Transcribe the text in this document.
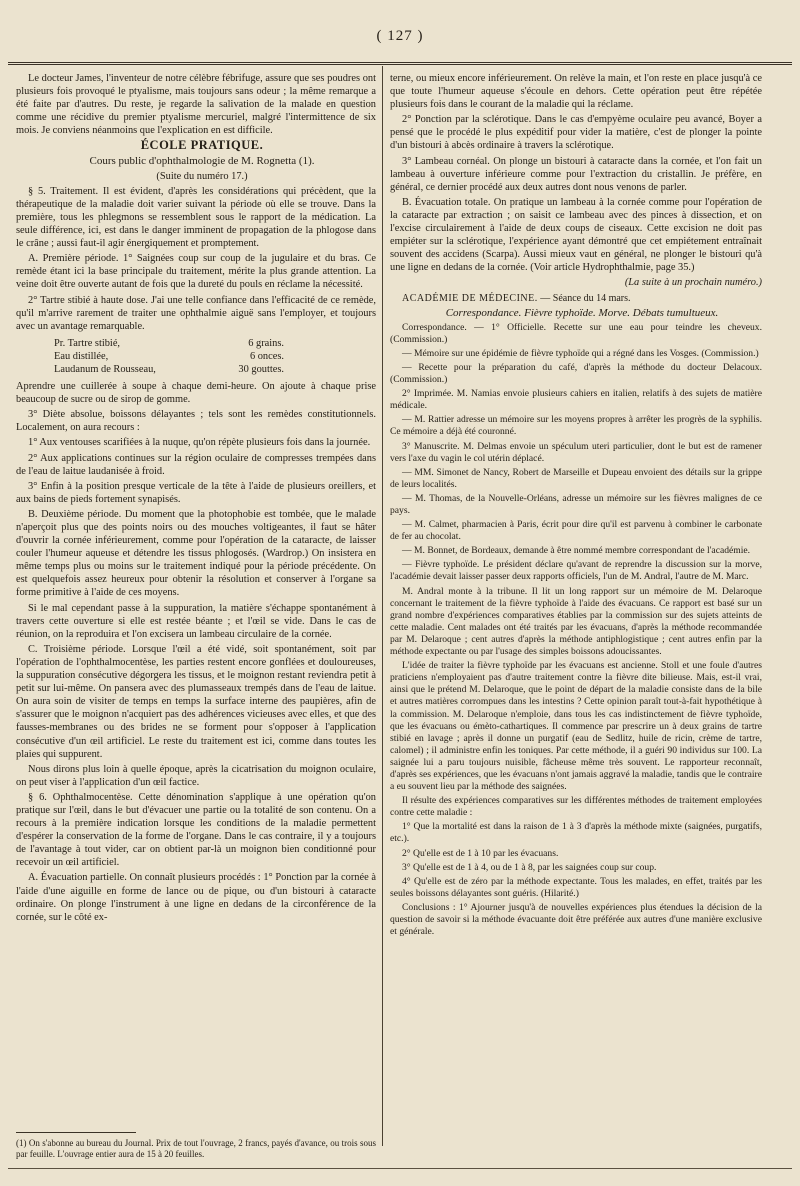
( 127 )

Le docteur James, l'inventeur de notre célèbre fébrifuge, assure que ses poudres ont plusieurs fois provoqué le ptyalisme, mais toujours sans odeur ; la même remarque a été faite par d'autres. Du reste, je regarde la salivation de la malade en question comme une récidive du premier ptyalisme mercuriel, malgré l'intermittence de six mois. Je conviens néanmoins que l'explication en est difficile.

ÉCOLE PRATIQUE.

Cours public d'ophthalmologie de M. Rognetta (1).

(Suite du numéro 17.)

§ 5. Traitement. Il est évident, d'après les considérations qui précèdent, que la thérapeutique de la maladie doit varier suivant la période où elle se trouve. Dans la première, tous les phlegmons se ressemblent sous le rapport de la médication. La seule différence, ici, est dans le danger imminent de propagation de la phlogose dans le crâne ; aussi faut-il agir énergiquement et promptement.

A. Première période. 1° Saignées coup sur coup de la jugulaire et du bras. Ce remède étant ici la base principale du traitement, mérite la plus grande attention. La veine doit être ouverte autant de fois que la dureté du pouls en réclame la nécessité.

2° Tartre stibié à haute dose. J'ai une telle confiance dans l'efficacité de ce remède, qu'il m'arrive rarement de traiter une ophthalmie aiguë sans l'employer, et toujours avec un avantage remarquable.

Pr. Tartre stibié,	6 grains.
Eau distillée,	6 onces.
Laudanum de Rousseau,	30 gouttes.

Aprendre une cuillerée à soupe à chaque demi-heure. On ajoute à chaque prise beaucoup de sucre ou de sirop de gomme.

3° Diète absolue, boissons délayantes ; tels sont les remèdes constitutionnels. Localement, on aura recours :

1° Aux ventouses scarifiées à la nuque, qu'on répète plusieurs fois dans la journée.

2° Aux applications continues sur la région oculaire de compresses trempées dans de l'eau de laitue laudanisée à froid.

3° Enfin à la position presque verticale de la tête à l'aide de plusieurs oreillers, et aux bains de pieds fortement synapisés.

B. Deuxième période. Du moment que la photophobie est tombée, que le malade n'aperçoit plus que des points noirs ou des mouches voltigeantes, il faut se hâter d'ouvrir la cornée inférieurement, comme pour l'opération de la cataracte, de laisser couler l'humeur aqueuse et détendre les tissus phlogosés. (Wardrop.) On insistera en même temps plus ou moins sur le traitement indiqué pour la période précédente. On est quelquefois assez heureux pour obtenir la résolution et conserver à l'organe sa forme primitive à l'aide de ces moyens.

Si le mal cependant passe à la suppuration, la matière s'échappe spontanément à travers cette ouverture si elle est restée béante ; et l'œil se vide. Dans le cas de réunion, on la reproduira et l'on excisera un lambeau circulaire de la cornée.

C. Troisième période. Lorsque l'œil a été vidé, soit spontanément, soit par l'opération de l'ophthalmocentèse, les parties restent encore gonflées et douloureuses, la suppuration consécutive dégorgera les tissus, et le moignon restant reviendra petit à petit sur lui-même. On pansera avec des plumasseaux trempés dans de l'eau de laitue. On aura soin de visiter de temps en temps la surface interne des paupières, afin de s'assurer que le moignon n'acquiert pas des adhérences vicieuses avec elles, et que des fausses-membranes ou des brides ne se forment pour s'opposer à l'application consécutive d'un œil artificiel. Le reste du traitement est ici, comme dans toutes les plaies qui suppurent.

Nous dirons plus loin à quelle époque, après la cicatrisation du moignon oculaire, on peut viser à l'application d'un œil factice.

§ 6. Ophthalmocentèse. Cette dénomination s'applique à une opération qu'on pratique sur l'œil, dans le but d'évacuer une partie ou la totalité de son contenu. On a recours à la première indication lorsque les conditions de la maladie permettent d'espérer la conservation de la forme de l'organe. Dans le cas contraire, il y a toujours de l'avantage à tout vider, car on obtient par-là un moignon bien conditionné pour recevoir un œil artificiel.

A. Évacuation partielle. On connaît plusieurs procédés : 1° Ponction par la cornée à l'aide d'une aiguille en forme de lance ou de pique, ou d'un bistouri à cataracte ordinaire. On plonge l'instrument à une ligne en dedans de la circonférence de la cornée, sur le côté ex-

terne, ou mieux encore inférieurement. On relève la main, et l'on reste en place jusqu'à ce que toute l'humeur aqueuse s'écoule en dehors. Cette opération peut être répétée plusieurs fois dans le courant de la maladie qui la réclame.

2° Ponction par la sclérotique. Dans le cas d'empyème oculaire peu avancé, Boyer a pensé que le procédé le plus expéditif pour vider la matière, c'est de plonger la pointe d'un bistouri à abcès ordinaire à travers la sclérotique.

3° Lambeau cornéal. On plonge un bistouri à cataracte dans la cornée, et l'on fait un lambeau à ouverture inférieure comme pour l'extraction du cristallin. Je préfère, en général, ce dernier procédé aux deux autres dont nous venons de parler.

B. Évacuation totale. On pratique un lambeau à la cornée comme pour l'opération de la cataracte par extraction ; on saisit ce lambeau avec des pinces à dissection, et on l'excise circulairement à l'aide de deux coups de ciseaux. Cette excision ne doit pas empiéter sur la sclérotique, l'expérience ayant démontré que cet empiétement entraînait souvent des accidens (Scarpa). Aussi mieux vaut en général, ne plonger le bistouri qu'à une ligne en dedans de la cornée. (Voir article Hydrophthalmie, page 35.)

(La suite à un prochain numéro.)

ACADÉMIE DE MÉDECINE. — Séance du 14 mars.

Correspondance. Fièvre typhoïde. Morve. Débats tumultueux.

Correspondance. — 1° Officielle. Recette sur une eau pour teindre les cheveux. (Commission.)

— Mémoire sur une épidémie de fièvre typhoïde qui a régné dans les Vosges. (Commission.)

— Recette pour la préparation du café, d'après la méthode du docteur Delacoux. (Commission.)

2° Imprimée. M. Namias envoie plusieurs cahiers en italien, relatifs à des sujets de matière médicale.

— M. Rattier adresse un mémoire sur les moyens propres à arrêter les progrès de la syphilis. Ce mémoire a déjà été couronné.

3° Manuscrite. M. Delmas envoie un spéculum uteri particulier, dont le but est de ramener vers l'axe du vagin le col utérin déplacé.

— MM. Simonet de Nancy, Robert de Marseille et Dupeau envoient des détails sur la grippe de leurs localités.

— M. Thomas, de la Nouvelle-Orléans, adresse un mémoire sur les fièvres malignes de ce pays.

— M. Calmet, pharmacien à Paris, écrit pour dire qu'il est parvenu à combiner le carbonate de fer au chocolat.

— M. Bonnet, de Bordeaux, demande à être nommé membre correspondant de l'académie.

— Fièvre typhoïde. Le président déclare qu'avant de reprendre la discussion sur la morve, l'académie devait laisser passer deux rapports officiels, l'un de M. Andral, l'autre de M. Marc.

M. Andral monte à la tribune. Il lit un long rapport sur un mémoire de M. Delaroque concernant le traitement de la fièvre typhoïde à l'aide des évacuans. Ce rapport est basé sur un grand nombre d'expériences comparatives établies par la commission sur des sujets atteints de cette maladie. Cent malades ont été traités par les évacuans, d'après la méthode recommandée par M. Delaroque ; cent autres d'après la méthode antiphlogistique ; cent autres enfin par la méthode expectante ou par l'usage des simples boissons adoucissantes.

L'idée de traiter la fièvre typhoïde par les évacuans est ancienne. Stoll et une foule d'autres praticiens n'employaient pas d'autre traitement contre la fièvre dite bilieuse. Mais, est-il vrai, ainsi que le prétend M. Delaroque, que le point de départ de la maladie consiste dans de la bile et autres matières corrompues dans les intestins ? Cette opinion paraît tout-à-fait hypothétique à la commission. M. Delaroque n'emploie, dans tous les cas indistinctement de fièvre typhoïde, que les évacuans ou émèto-cathartiques. Il commence par prescrire un à deux grains de tartre stibié en lavage ; après il donne un purgatif (eau de Sedlitz, huile de ricin, crème de tartre, calomel) ; il administre enfin les toniques. Par cette méthode, il a guéri 90 individus sur 100. La saignée lui a paru toujours nuisible, fâcheuse même très souvent. Le rapporteur reconnaît, d'après ses expériences, que les évacuans n'ont jamais aggravé la maladie, tandis que le contraire a eu souvent lieu par la méthode des saignées.

Il résulte des expériences comparatives sur les différentes méthodes de traitement employées contre cette maladie :

1° Que la mortalité est dans la raison de 1 à 3 d'après la méthode mixte (saignées, purgatifs, etc.).

2° Qu'elle est de 1 à 10 par les évacuans.

3° Qu'elle est de 1 à 4, ou de 1 à 8, par les saignées coup sur coup.

4° Qu'elle est de zéro par la méthode expectante. Tous les malades, en effet, traités par les seules boissons délayantes sont guéris. (Hilarité.)

Conclusions : 1° Ajourner jusqu'à de nouvelles expériences plus étendues la décision de la question de savoir si la méthode évacuante doit être préférée aux autres d'une manière exclusive et générale.

(1) On s'abonne au bureau du Journal. Prix de tout l'ouvrage, 2 francs, payés d'avance, ou trois sous par feuille. L'ouvrage entier aura de 15 à 20 feuilles.
